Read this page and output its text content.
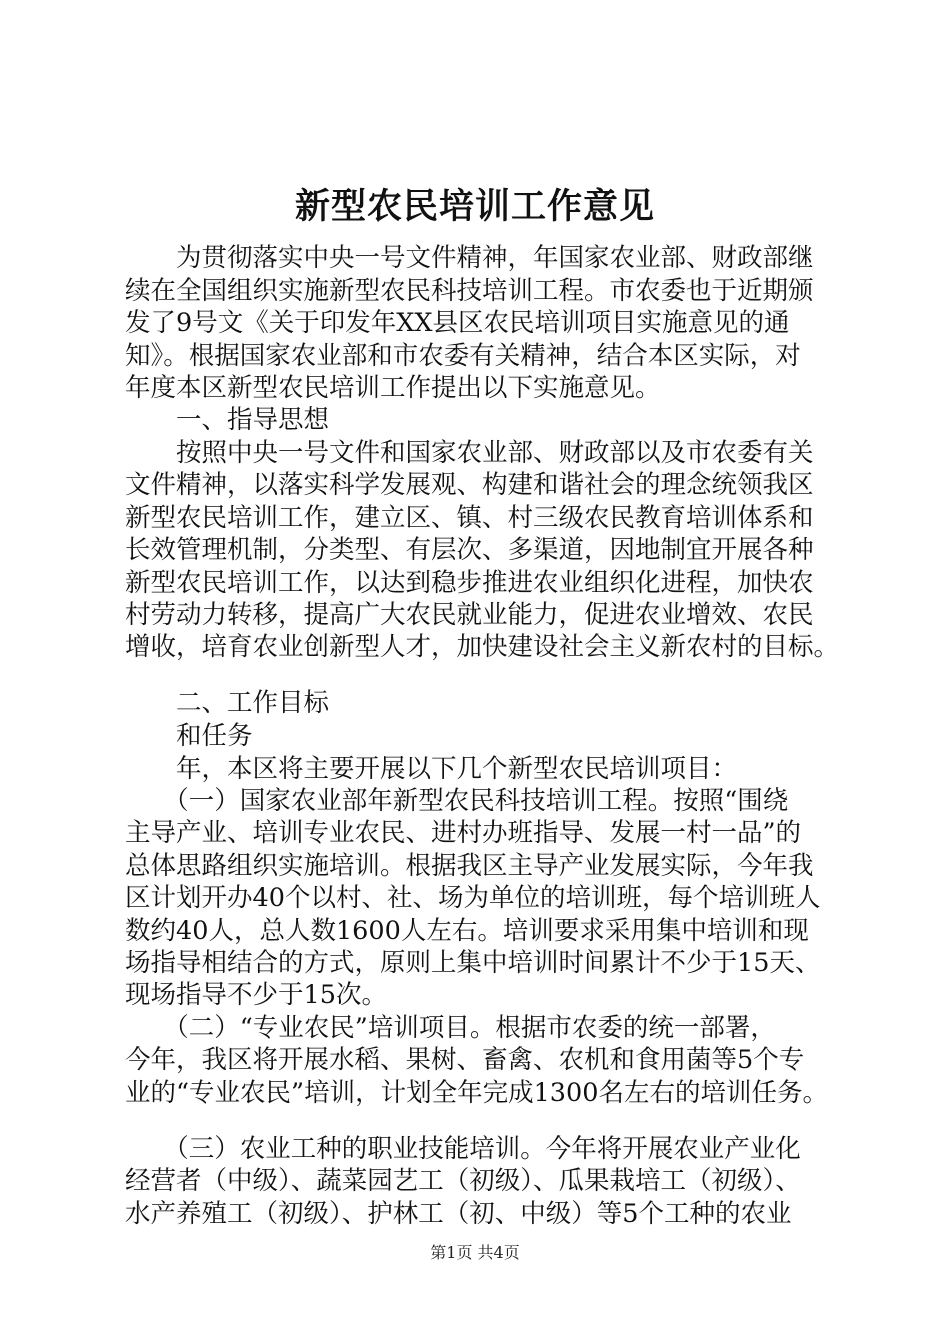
新型农民培训工作意见
　　为贯彻落实中央一号文件精神，年国家农业部、财政部继
续在全国组织实施新型农民科技培训工程。市农委也于近期颁
发了9号文《关于印发年XX县区农民培训项目实施意见的通
知》。根据国家农业部和市农委有关精神，结合本区实际，对
年度本区新型农民培训工作提出以下实施意见。
　　一、指导思想
　　按照中央一号文件和国家农业部、财政部以及市农委有关
文件精神，以落实科学发展观、构建和谐社会的理念统领我区
新型农民培训工作，建立区、镇、村三级农民教育培训体系和
长效管理机制，分类型、有层次、多渠道，因地制宜开展各种
新型农民培训工作，以达到稳步推进农业组织化进程，加快农
村劳动力转移，提高广大农民就业能力，促进农业增效、农民
增收，培育农业创新型人才，加快建设社会主义新农村的目标。
　　二、工作目标
　　和任务
　　年，本区将主要开展以下几个新型农民培训项目：
　　（一）国家农业部年新型农民科技培训工程。按照“围绕
主导产业、培训专业农民、进村办班指导、发展一村一品”的
总体思路组织实施培训。根据我区主导产业发展实际，今年我
区计划开办40个以村、社、场为单位的培训班，每个培训班人
数约40人，总人数1600人左右。培训要求采用集中培训和现
场指导相结合的方式，原则上集中培训时间累计不少于15天、
现场指导不少于15次。
　　（二）“专业农民”培训项目。根据市农委的统一部署，
今年，我区将开展水稻、果树、畜禽、农机和食用菌等5个专
业的“专业农民”培训，计划全年完成1300名左右的培训任务。
　　（三）农业工种的职业技能培训。今年将开展农业产业化
经营者（中级）、蔬菜园艺工（初级）、瓜果栽培工（初级）、
水产养殖工（初级）、护林工（初、中级）等5个工种的农业
第1页 共4页
